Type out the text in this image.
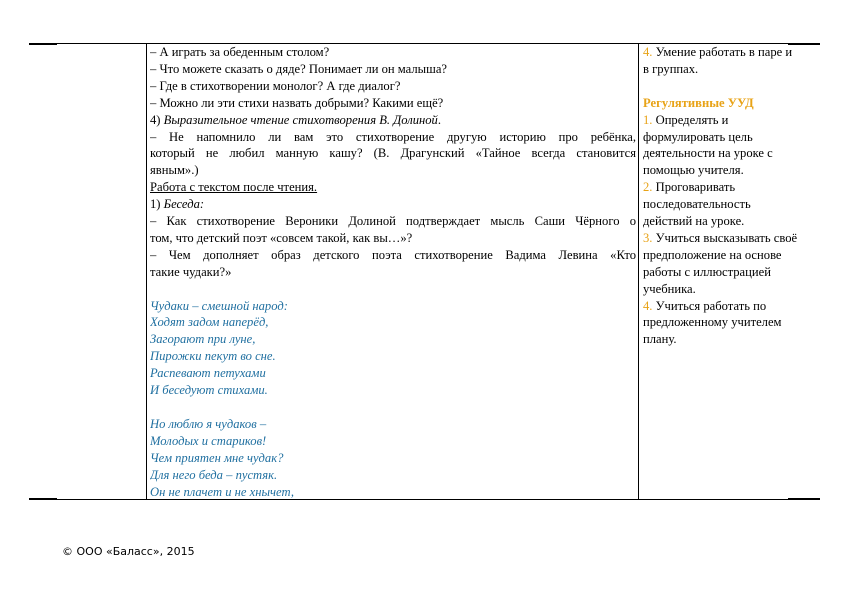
– А играть за обеденным столом?
– Что можете сказать о дяде? Понимает ли он малыша?
– Где в стихотворении монолог? А где диалог?
– Можно ли эти стихи назвать добрыми? Какими ещё?
4) Выразительное чтение стихотворения В. Долиной.
– Не напомнило ли вам это стихотворение другую историю про ребёнка,
который не любил манную кашу? (В. Драгунский «Тайное всегда становится
явным».)
Работа с текстом после чтения.
1) Беседа:
– Как стихотворение Вероники Долиной подтверждает мысль Саши Чёрного о
том, что детский поэт «совсем такой, как вы…»?
– Чем дополняет образ детского поэта стихотворение Вадима Левина «Кто
такие чудаки?»
Чудаки – смешной народ:
Ходят задом наперёд,
Загорают при луне,
Пирожки пекут во сне.
Распевают петухами
И беседуют стихами.
Но люблю я чудаков –
Молодых и стариков!
Чем приятен мне чудак?
Для него беда – пустяк.
Он не плачет и не хнычет,
4. Умение работать в паре и
в группах.
Регулятивные УУД
1. Определять и
формулировать цель
деятельности на уроке с
помощью учителя.
2. Проговаривать
последовательность
действий на уроке.
3. Учиться высказывать своё
предположение на основе
работы с иллюстрацией
учебника.
4. Учиться работать по
предложенному учителем
плану.
© ООО «Баласс», 2015
